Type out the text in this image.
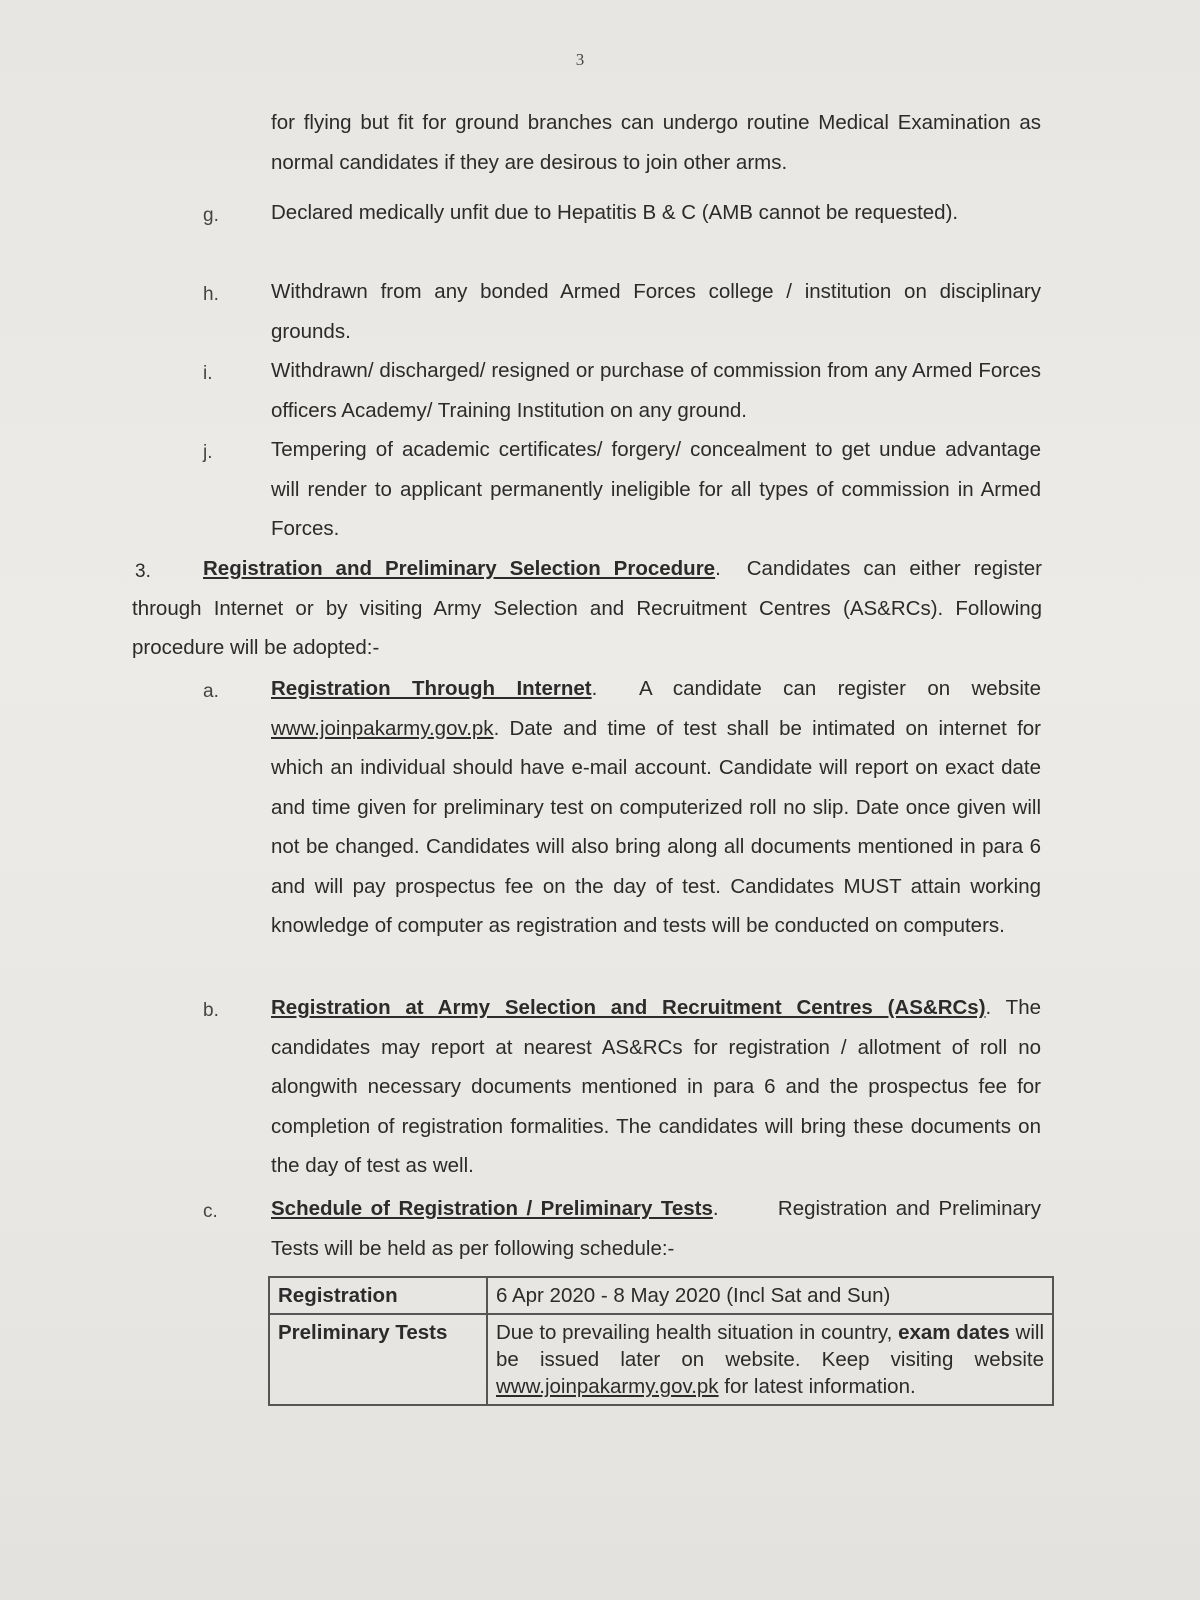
3
for flying but fit for ground branches can undergo routine Medical Examination as normal candidates if they are desirous to join other arms.
g.	Declared medically unfit due to Hepatitis B & C (AMB cannot be requested).
h.	Withdrawn from any bonded Armed Forces college / institution on disciplinary grounds.
i.	Withdrawn/ discharged/ resigned or purchase of commission from any Armed Forces officers Academy/ Training Institution on any ground.
j.	Tempering of academic certificates/ forgery/ concealment to get undue advantage will render to applicant permanently ineligible for all types of commission in Armed Forces.
3.	Registration and Preliminary Selection Procedure. Candidates can either register through Internet or by visiting Army Selection and Recruitment Centres (AS&RCs). Following procedure will be adopted:-
a.	Registration Through Internet. A candidate can register on website www.joinpakarmy.gov.pk. Date and time of test shall be intimated on internet for which an individual should have e-mail account. Candidate will report on exact date and time given for preliminary test on computerized roll no slip. Date once given will not be changed. Candidates will also bring along all documents mentioned in para 6 and will pay prospectus fee on the day of test. Candidates MUST attain working knowledge of computer as registration and tests will be conducted on computers.
b.	Registration at Army Selection and Recruitment Centres (AS&RCs). The candidates may report at nearest AS&RCs for registration / allotment of roll no alongwith necessary documents mentioned in para 6 and the prospectus fee for completion of registration formalities. The candidates will bring these documents on the day of test as well.
c.	Schedule of Registration / Preliminary Tests.	Registration and Preliminary Tests will be held as per following schedule:-
Registration	6 Apr 2020 - 8 May 2020 (Incl Sat and Sun)
Preliminary Tests	Due to prevailing health situation in country, exam dates will be issued later on website. Keep visiting website www.joinpakarmy.gov.pk for latest information.
